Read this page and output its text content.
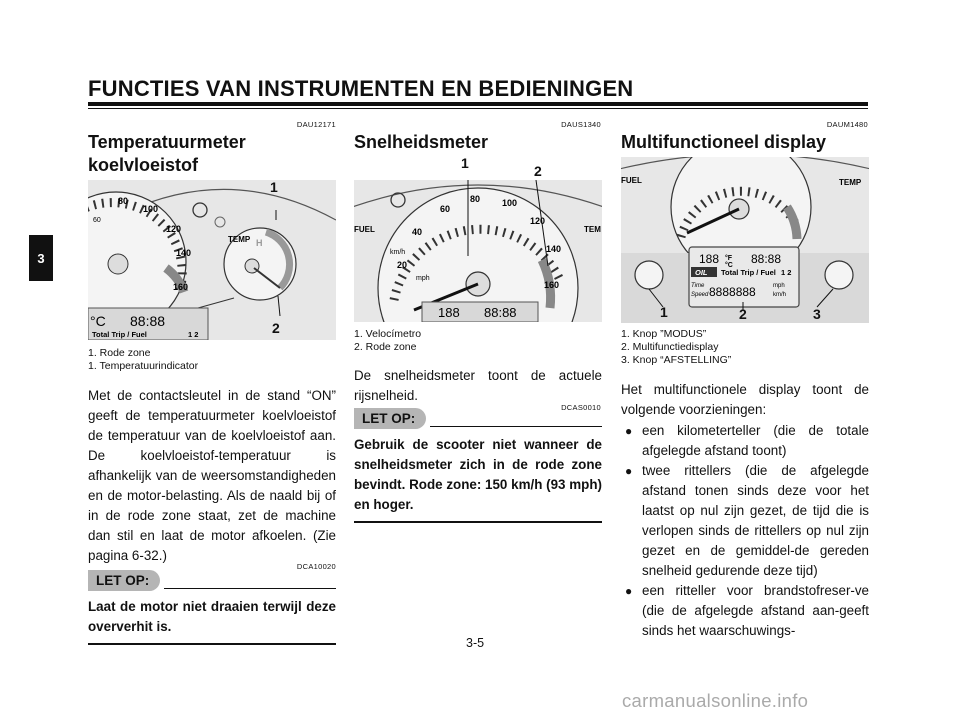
FUNCTIES VAN INSTRUMENTEN EN BEDIENINGEN
3
DAU12171
Temperatuurmeter
koelvloeistof
80
100
120
140
160
60
TEMP H
°C 88:88
Total Trip / Fuel	1 2
1
2
1. Rode zone
1. Temperatuurindicator
Met de contactsleutel in de stand “ON” geeft de temperatuurmeter koelvloeistof de temperatuur van de koelvloeistof aan. De koelvloeistof-temperatuur is afhankelijk van de weersomstandigheden en de motor-belasting. Als de naald bij of in de rode zone staat, zet de machine dan stil en laat de motor afkoelen. (Zie pagina 6-32.)
DCA10020
LET OP:
Laat de motor niet draaien terwijl deze oververhit is.
DAUS1340
Snelheidsmeter
20
40
60
80 100
120
140
160
mph
km/h
FUEL	TEM
188 88:88
1	2
1. Velocímetro
2. Rode zone
De snelheidsmeter toont de actuele rijsnelheid.
DCAS0010
LET OP:
Gebruik de scooter niet wanneer de snelheidsmeter zich in de rode zone bevindt. Rode zone: 150 km/h (93 mph) en hoger.
DAUM1480
Multifunctioneel display
FUEL	TEMP
188 °F
°C 88:88
OIL Total Trip / Fuel 1 2
Time
Speed 8888888	mph
km/h
1	2	3
1. Knop ”MODUS”
2. Multifunctiedisplay
3. Knop “AFSTELLING”
Het multifunctionele display toont de volgende voorzieningen:
● een kilometerteller (die de totale afgelegde afstand toont)
● twee rittellers (die de afgelegde afstand tonen sinds deze voor het laatst op nul zijn gezet, de tijd die is verlopen sinds de rittellers op nul zijn gezet en de gemiddel-de gereden snelheid gedurende deze tijd)
● een ritteller voor brandstofreser-ve (die de afgelegde afstand aan-geeft sinds het waarschuwings-
3-5
carmanualsonline.info
